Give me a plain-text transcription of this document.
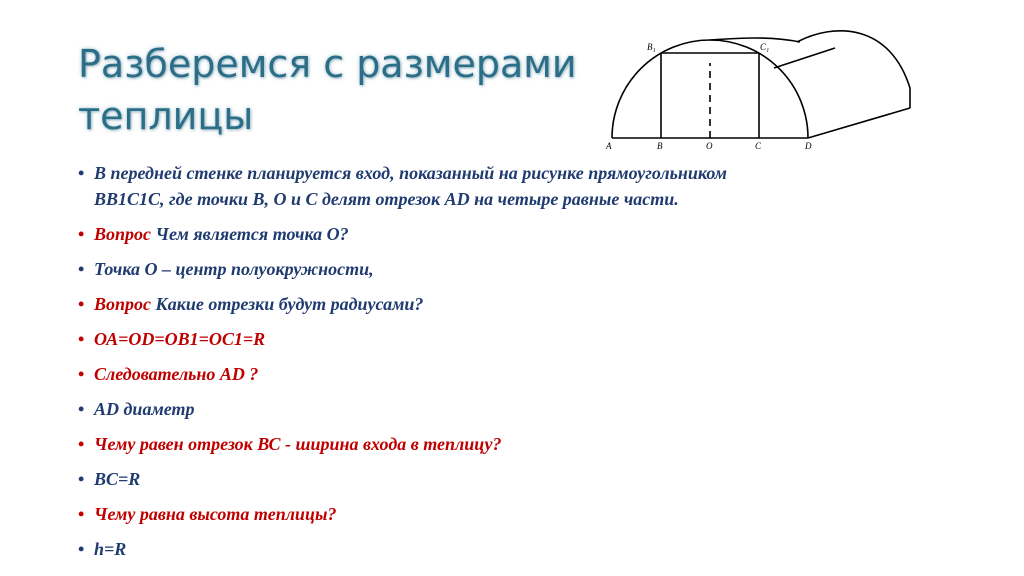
Разберемся с размерами
теплицы
B₁	C₁
A	B	O	C	D
• В передней стенке планируется вход, показанный на рисунке прямоугольником
BB1C1C, где точки B, O и C делят отрезок AD на четыре равные части.
• Вопрос Чем является точка О?
• Точка О – центр полуокружности,
• Вопрос Какие отрезки будут радиусами?
• ОА=OD=OB1=OC1=R
• Следовательно AD ?
• AD диаметр
• Чему равен отрезок ВС - ширина входа в теплицу?
• BC=R
• Чему равна высота теплицы?
• h=R
